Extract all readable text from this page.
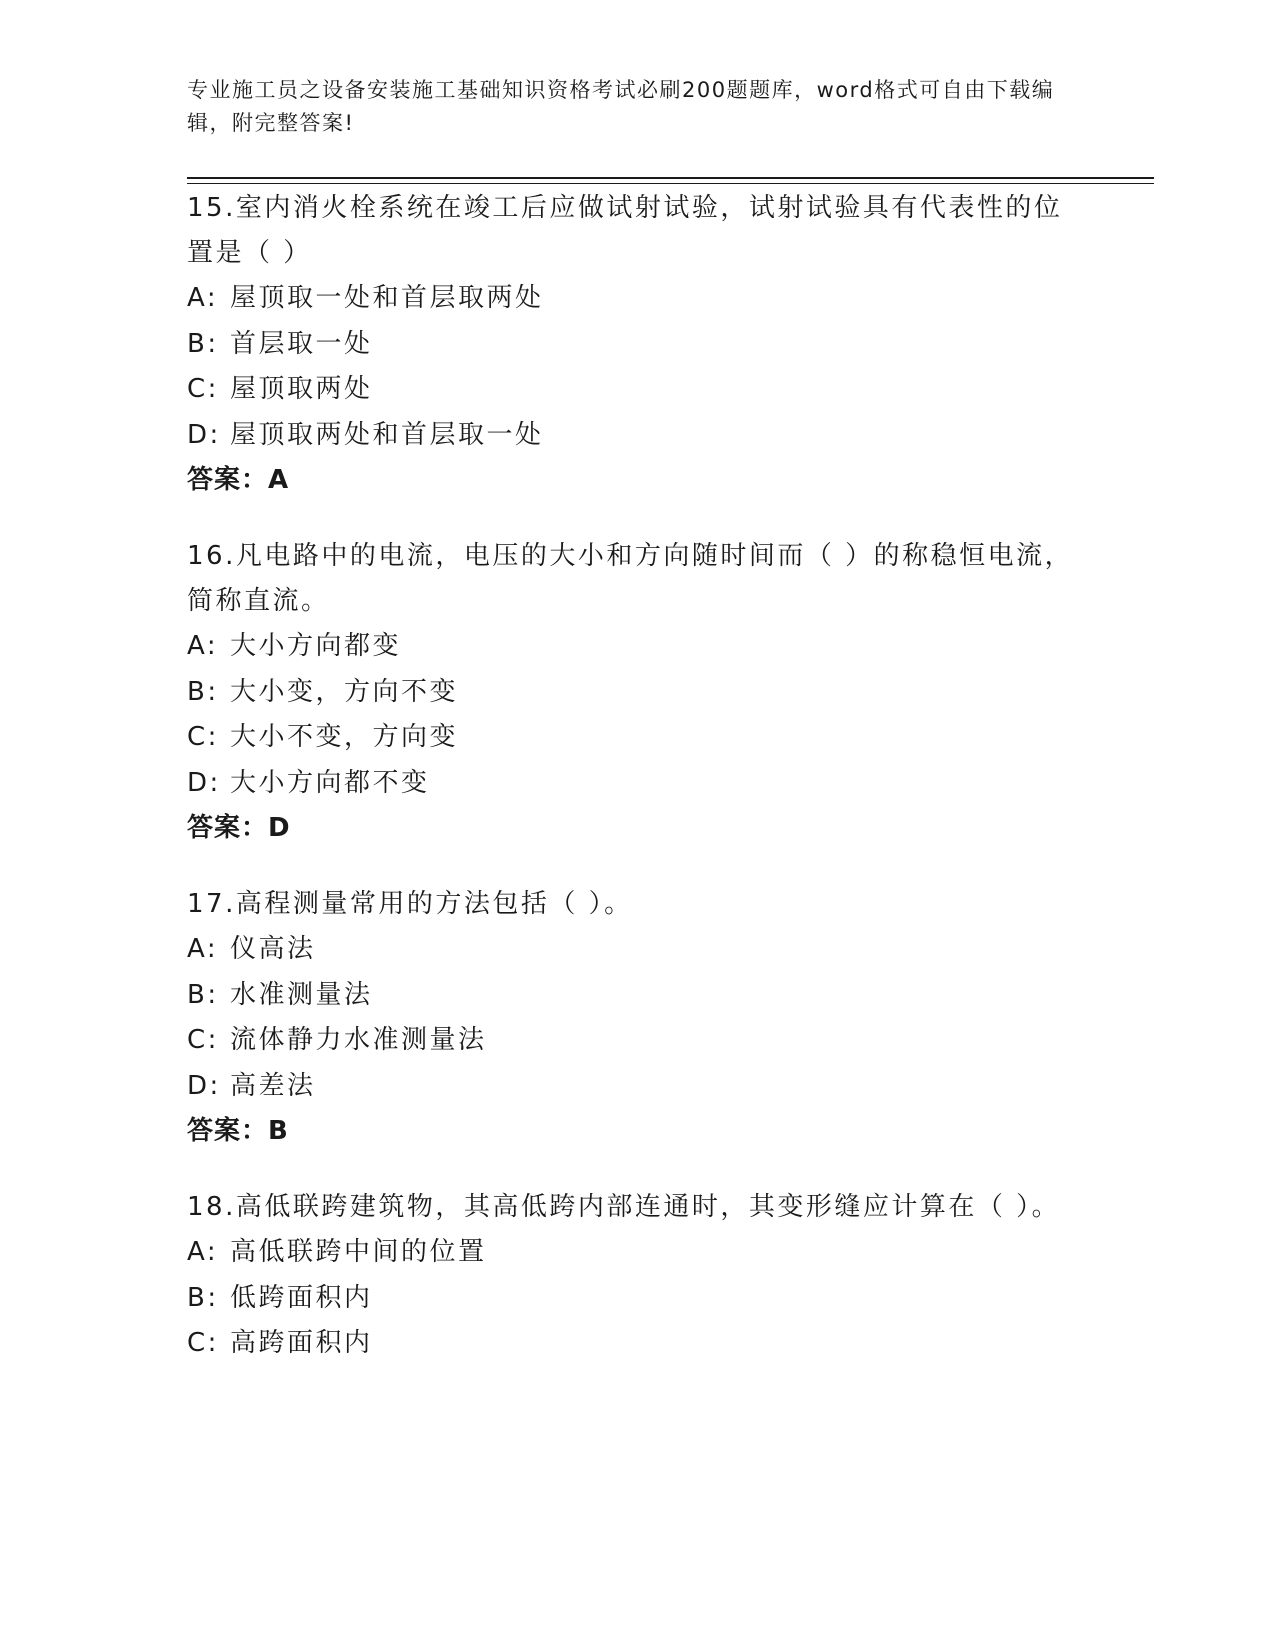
专业施工员之设备安装施工基础知识资格考试必刷200题题库，word格式可自由下载编辑，附完整答案!
15.室内消火栓系统在竣工后应做试射试验，试射试验具有代表性的位置是（ ）
A: 屋顶取一处和首层取两处
B: 首层取一处
C: 屋顶取两处
D: 屋顶取两处和首层取一处
答案：A
16.凡电路中的电流，电压的大小和方向随时间而（ ）的称稳恒电流，简称直流。
A: 大小方向都变
B: 大小变，方向不变
C: 大小不变，方向变
D: 大小方向都不变
答案：D
17.高程测量常用的方法包括（ ）。
A: 仪高法
B: 水准测量法
C: 流体静力水准测量法
D: 高差法
答案：B
18.高低联跨建筑物，其高低跨内部连通时，其变形缝应计算在（ ）。
A: 高低联跨中间的位置
B: 低跨面积内
C: 高跨面积内
